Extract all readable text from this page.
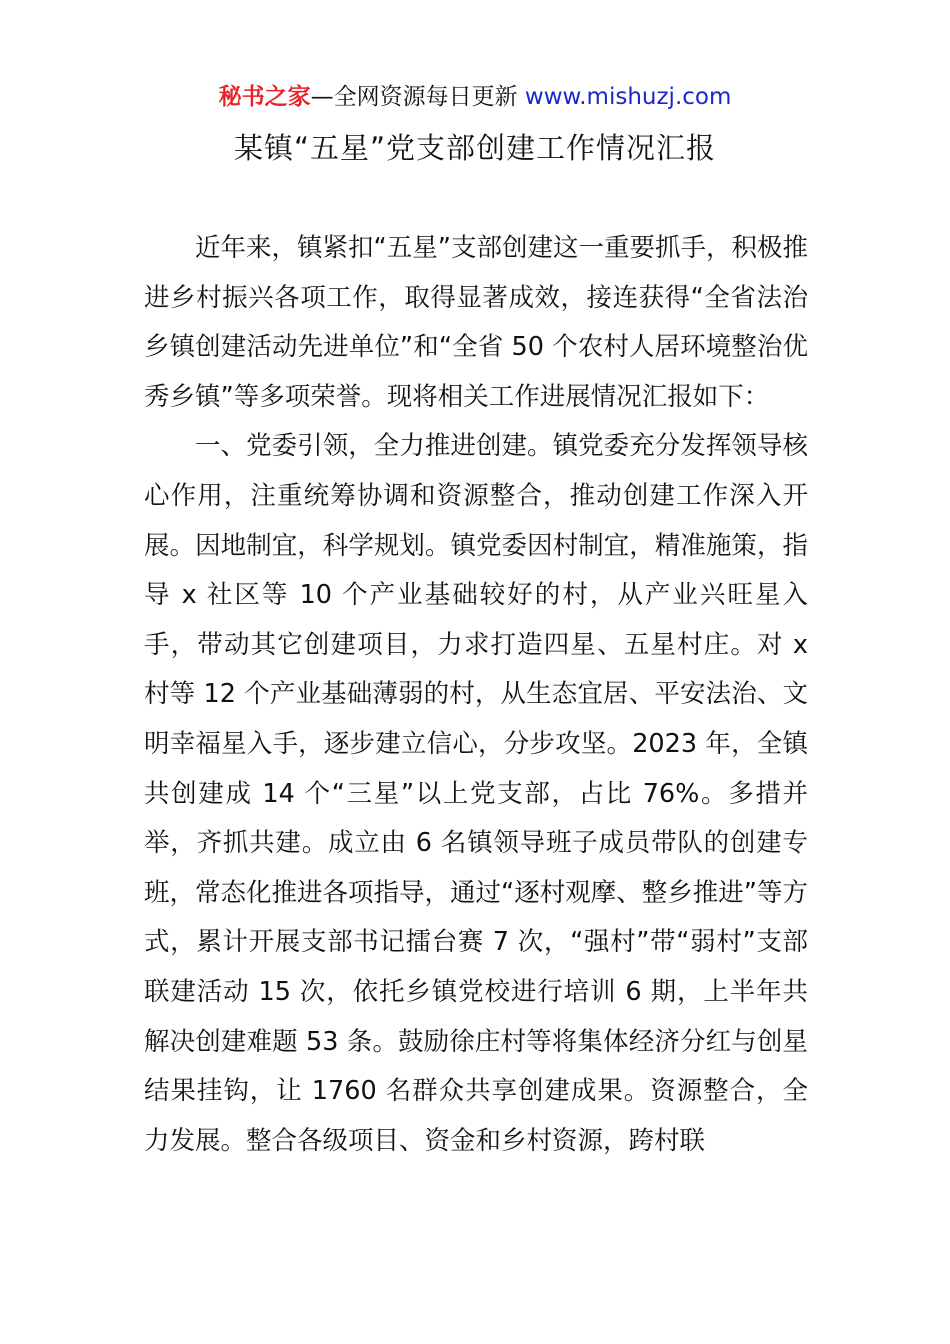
秘书之家—全网资源每日更新 www.mishuzj.com
某镇“五星”党支部创建工作情况汇报

近年来，镇紧扣“五星”支部创建这一重要抓手，积极推进乡村振兴各项工作，取得显著成效，接连获得“全省法治乡镇创建活动先进单位”和“全省 50 个农村人居环境整治优秀乡镇”等多项荣誉。现将相关工作进展情况汇报如下：

一、党委引领，全力推进创建。镇党委充分发挥领导核心作用，注重统筹协调和资源整合，推动创建工作深入开展。因地制宜，科学规划。镇党委因村制宜，精准施策，指导 x 社区等 10 个产业基础较好的村，从产业兴旺星入手，带动其它创建项目，力求打造四星、五星村庄。对 x 村等 12 个产业基础薄弱的村，从生态宜居、平安法治、文明幸福星入手，逐步建立信心，分步攻坚。2023 年，全镇共创建成 14 个“三星”以上党支部，占比 76%。多措并举，齐抓共建。成立由 6 名镇领导班子成员带队的创建专班，常态化推进各项指导，通过“逐村观摩、整乡推进”等方式，累计开展支部书记擂台赛 7 次，“强村”带“弱村”支部联建活动 15 次，依托乡镇党校进行培训 6 期，上半年共解决创建难题 53 条。鼓励徐庄村等将集体经济分红与创星结果挂钩，让 1760 名群众共享创建成果。资源整合，全力发展。整合各级项目、资金和乡村资源，跨村联
